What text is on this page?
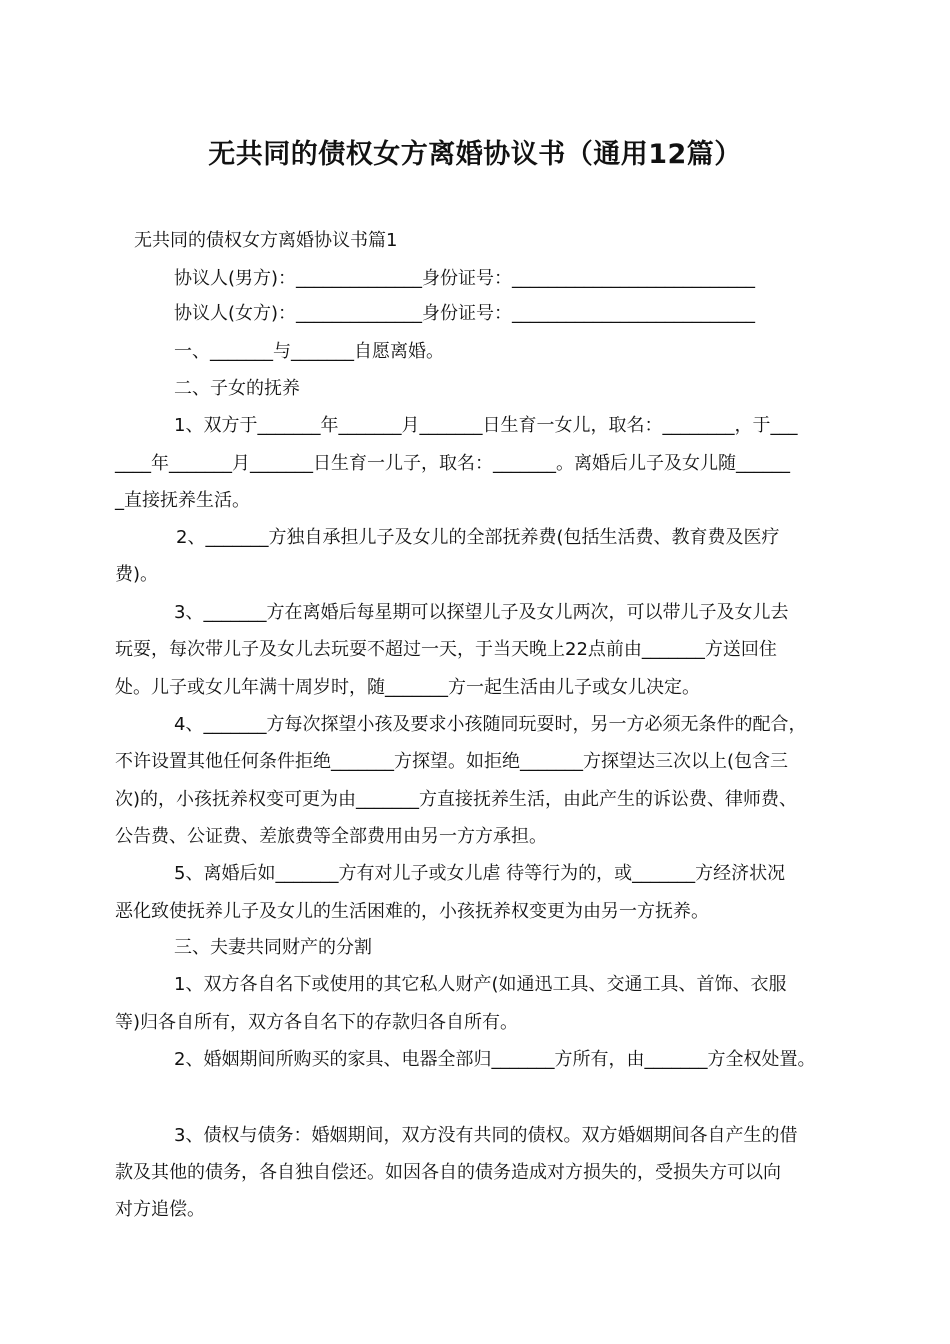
无共同的债权女方离婚协议书（通用12篇）
无共同的债权女方离婚协议书篇1
协议人(男方)：______________身份证号：___________________________
协议人(女方)：______________身份证号：___________________________
一、_______与_______自愿离婚。
二、子女的抚养
1、双方于_______年_______月_______日生育一女儿，取名：________，于___
____年_______月_______日生育一儿子，取名：_______。离婚后儿子及女儿随______
_直接抚养生活。
2、_______方独自承担儿子及女儿的全部抚养费(包括生活费、教育费及医疗
费)。
3、_______方在离婚后每星期可以探望儿子及女儿两次，可以带儿子及女儿去
玩耍，每次带儿子及女儿去玩耍不超过一天，于当天晚上22点前由_______方送回住
处。儿子或女儿年满十周岁时，随_______方一起生活由儿子或女儿决定。
4、_______方每次探望小孩及要求小孩随同玩耍时，另一方必须无条件的配合，
不许设置其他任何条件拒绝_______方探望。如拒绝_______方探望达三次以上(包含三
次)的，小孩抚养权变可更为由_______方直接抚养生活，由此产生的诉讼费、律师费、
公告费、公证费、差旅费等全部费用由另一方方承担。
5、离婚后如_______方有对儿子或女儿虐 待等行为的，或_______方经济状况
恶化致使抚养儿子及女儿的生活困难的，小孩抚养权变更为由另一方抚养。
三、夫妻共同财产的分割
1、双方各自名下或使用的其它私人财产(如通迅工具、交通工具、首饰、衣服
等)归各自所有，双方各自名下的存款归各自所有。
2、婚姻期间所购买的家具、电器全部归_______方所有，由_______方全权处置。
3、债权与债务：婚姻期间，双方没有共同的债权。双方婚姻期间各自产生的借
款及其他的债务，各自独自偿还。如因各自的债务造成对方损失的，受损失方可以向
对方追偿。
